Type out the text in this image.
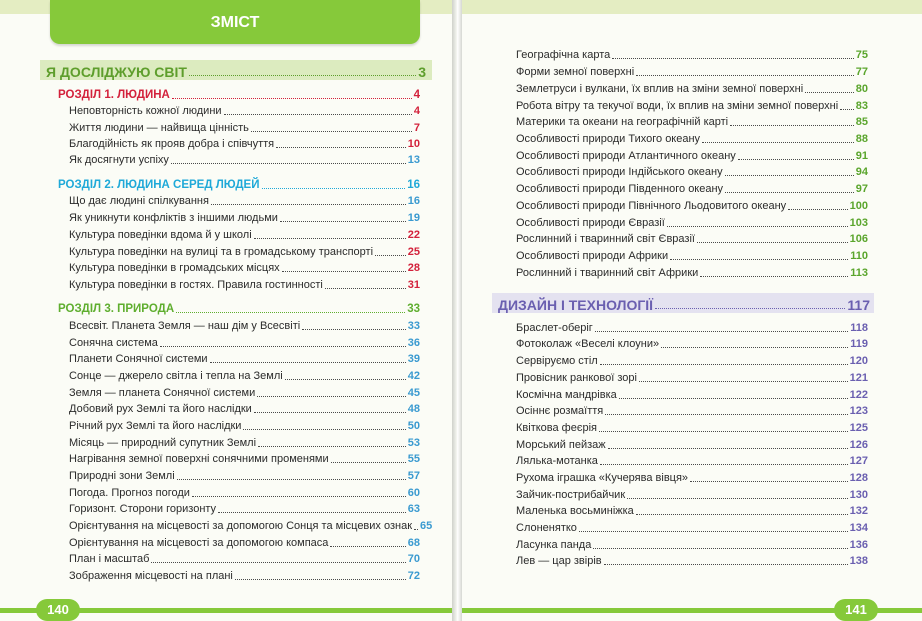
ЗМІСТ
Я ДОСЛІДЖУЮ СВІТ	3
РОЗДІЛ 1. ЛЮДИНА	4
Неповторність кожної людини	4
Життя людини — найвища цінність	7
Благодійність як прояв добра і співчуття	10
Як досягнути успіху	13
РОЗДІЛ 2. ЛЮДИНА СЕРЕД ЛЮДЕЙ	16
Що дає людині спілкування	16
Як уникнути конфліктів з іншими людьми	19
Культура поведінки вдома й у школі	22
Культура поведінки на вулиці та в громадському транспорті	25
Культура поведінки в громадських місцях	28
Культура поведінки в гостях. Правила гостинності	31
РОЗДІЛ 3. ПРИРОДА	33
Всесвіт. Планета Земля — наш дім у Всесвіті	33
Сонячна система	36
Планети Сонячної системи	39
Сонце — джерело світла і тепла на Землі	42
Земля — планета Сонячної системи	45
Добовий рух Землі та його наслідки	48
Річний рух Землі та його наслідки	50
Місяць — природний супутник Землі	53
Нагрівання земної поверхні сонячними променями	55
Природні зони Землі	57
Погода. Прогноз погоди	60
Горизонт. Сторони горизонту	63
Орієнтування на місцевості за допомогою Сонця та місцевих ознак 65
Орієнтування на місцевості за допомогою компаса	68
План і масштаб	70
Зображення місцевості на плані	72
140
Географічна карта	75
Форми земної поверхні	77
Землетруси і вулкани, їх вплив на зміни земної поверхні	80
Робота вітру та текучої води, їх вплив на зміни земної поверхні 83
Материки та океани на географічній карті	85
Особливості природи Тихого океану	88
Особливості природи Атлантичного океану	91
Особливості природи Індійського океану	94
Особливості природи Південного океану	97
Особливості природи Північного Льодовитого океану	100
Особливості природи Євразії	103
Рослинний і тваринний світ Євразії	106
Особливості природи Африки	110
Рослинний і тваринний світ Африки	113
ДИЗАЙН І ТЕХНОЛОГІЇ	117
Браслет-оберіг	118
Фотоколаж «Веселі клоуни»	119
Сервіруємо стіл	120
Провісник ранкової зорі	121
Космічна мандрівка	122
Осіннє розмаїття	123
Квіткова феєрія	125
Морський пейзаж	126
Лялька-мотанка	127
Рухома іграшка «Кучерява вівця»	128
Зайчик-пострибайчик	130
Маленька восьминіжка	132
Слоненятко	134
Ласунка панда	136
Лев — цар звірів	138
141
